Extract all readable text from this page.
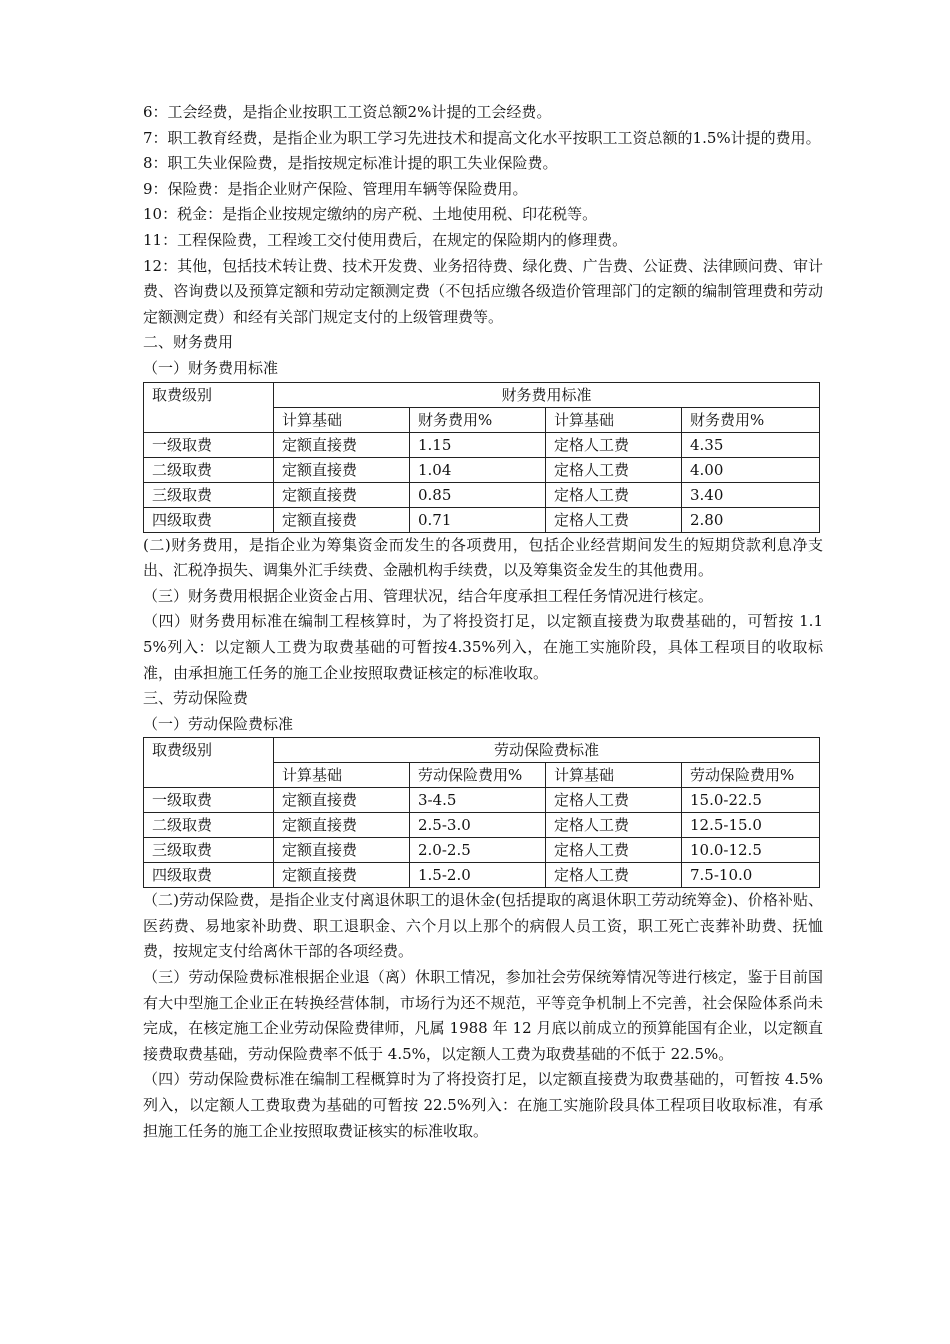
6：工会经费，是指企业按职工工资总额2%计提的工会经费。

7：职工教育经费，是指企业为职工学习先进技术和提高文化水平按职工工资总额的1.5%计提的费用。

8：职工失业保险费，是指按规定标准计提的职工失业保险费。

9：保险费：是指企业财产保险、管理用车辆等保险费用。

10：税金：是指企业按规定缴纳的房产税、土地使用税、印花税等。

11：工程保险费，工程竣工交付使用费后，在规定的保险期内的修理费。

12：其他，包括技术转让费、技术开发费、业务招待费、绿化费、广告费、公证费、法律顾问费、审计费、咨询费以及预算定额和劳动定额测定费（不包括应缴各级造价管理部门的定额的编制管理费和劳动定额测定费）和经有关部门规定支付的上级管理费等。

二、财务费用

（一）财务费用标准

取费级别	财务费用标准			
	计算基础	财务费用%	计算基础	财务费用%
一级取费	定额直接费	1.15	定格人工费	4.35
二级取费	定额直接费	1.04	定格人工费	4.00
三级取费	定额直接费	0.85	定格人工费	3.40
四级取费	定额直接费	0.71	定格人工费	2.80

(二)财务费用，是指企业为筹集资金而发生的各项费用，包括企业经营期间发生的短期贷款利息净支出、汇税净损失、调集外汇手续费、金融机构手续费，以及筹集资金发生的其他费用。

（三）财务费用根据企业资金占用、管理状况，结合年度承担工程任务情况进行核定。

（四）财务费用标准在编制工程核算时，为了将投资打足，以定额直接费为取费基础的，可暂按 1.15%列入：以定额人工费为取费基础的可暂按4.35%列入，在施工实施阶段，具体工程项目的收取标准，由承担施工任务的施工企业按照取费证核定的标准收取。

三、劳动保险费

（一）劳动保险费标准

取费级别	劳动保险费标准			
	计算基础	劳动保险费用%	计算基础	劳动保险费用%
一级取费	定额直接费	3-4.5	定格人工费	15.0-22.5
二级取费	定额直接费	2.5-3.0	定格人工费	12.5-15.0
三级取费	定额直接费	2.0-2.5	定格人工费	10.0-12.5
四级取费	定额直接费	1.5-2.0	定格人工费	7.5-10.0

（二)劳动保险费，是指企业支付离退休职工的退休金(包括提取的离退休职工劳动统筹金)、价格补贴、医药费、易地家补助费、职工退职金、六个月以上那个的病假人员工资，职工死亡丧葬补助费、抚恤费，按规定支付给离休干部的各项经费。

（三）劳动保险费标准根据企业退（离）休职工情况，参加社会劳保统筹情况等进行核定，鉴于目前国有大中型施工企业正在转换经营体制，市场行为还不规范，平等竞争机制上不完善，社会保险体系尚未完成，在核定施工企业劳动保险费律师，凡属 1988 年 12 月底以前成立的预算能国有企业，以定额直接费取费基础，劳动保险费率不低于 4.5%，以定额人工费为取费基础的不低于 22.5%。

（四）劳动保险费标准在编制工程概算时为了将投资打足，以定额直接费为取费基础的，可暂按 4.5%列入，以定额人工费取费为基础的可暂按 22.5%列入：在施工实施阶段具体工程项目收取标准，有承担施工任务的施工企业按照取费证核实的标准收取。
